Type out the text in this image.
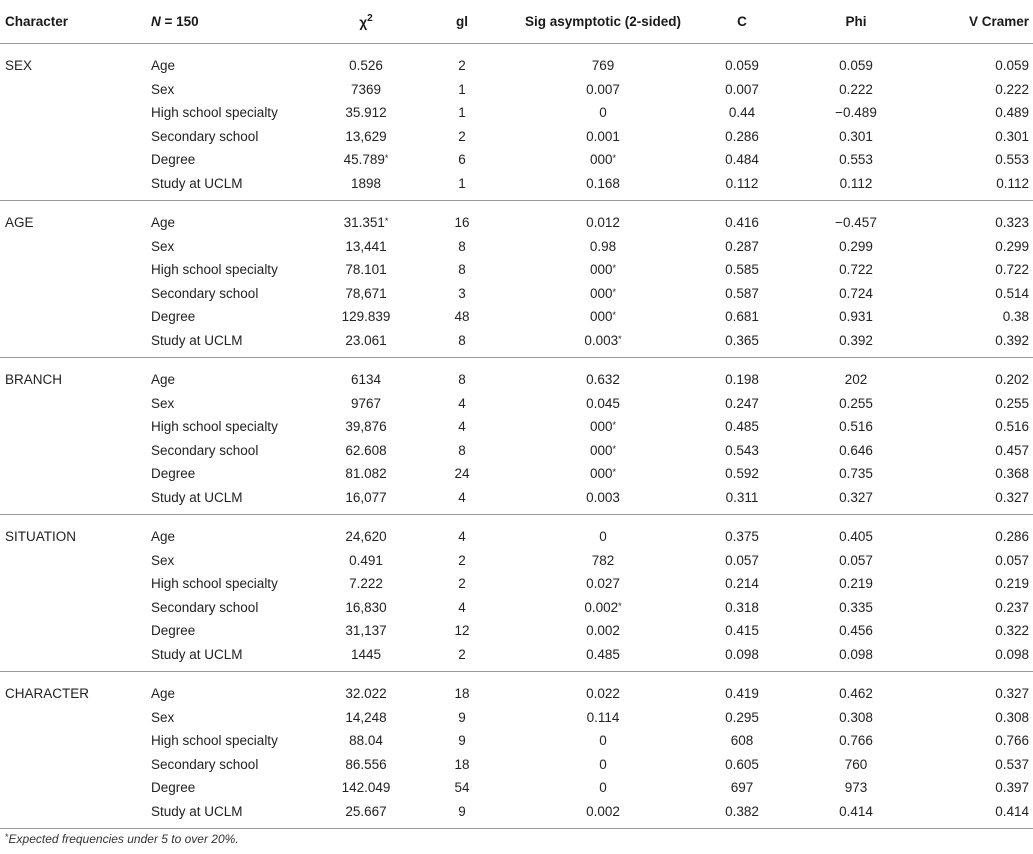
Character	N = 150	$\chi^2$	gl	Sig asymptotic (2-sided)	C	Phi	V Cramer
SEX	Age	0.526	2	769	0.059	0.059	0.059
	Sex	7369	1	0.007	0.007	0.222	0.222
	High school specialty	35.912	1	0	0.44	−0.489	0.489
	Secondary school	13,629	2	0.001	0.286	0.301	0.301
	Degree	45.789*	6	000*	0.484	0.553	0.553
	Study at UCLM	1898	1	0.168	0.112	0.112	0.112
AGE	Age	31.351*	16	0.012	0.416	−0.457	0.323
	Sex	13,441	8	0.98	0.287	0.299	0.299
	High school specialty	78.101	8	000*	0.585	0.722	0.722
	Secondary school	78,671	3	000*	0.587	0.724	0.514
	Degree	129.839	48	000*	0.681	0.931	0.38
	Study at UCLM	23.061	8	0.003*	0.365	0.392	0.392
BRANCH	Age	6134	8	0.632	0.198	202	0.202
	Sex	9767	4	0.045	0.247	0.255	0.255
	High school specialty	39,876	4	000*	0.485	0.516	0.516
	Secondary school	62.608	8	000*	0.543	0.646	0.457
	Degree	81.082	24	000*	0.592	0.735	0.368
	Study at UCLM	16,077	4	0.003	0.311	0.327	0.327
SITUATION	Age	24,620	4	0	0.375	0.405	0.286
	Sex	0.491	2	782	0.057	0.057	0.057
	High school specialty	7.222	2	0.027	0.214	0.219	0.219
	Secondary school	16,830	4	0.002*	0.318	0.335	0.237
	Degree	31,137	12	0.002	0.415	0.456	0.322
	Study at UCLM	1445	2	0.485	0.098	0.098	0.098
CHARACTER	Age	32.022	18	0.022	0.419	0.462	0.327
	Sex	14,248	9	0.114	0.295	0.308	0.308
	High school specialty	88.04	9	0	608	0.766	0.766
	Secondary school	86.556	18	0	0.605	760	0.537
	Degree	142.049	54	0	697	973	0.397
	Study at UCLM	25.667	9	0.002	0.382	0.414	0.414
*Expected frequencies under 5 to over 20%.
